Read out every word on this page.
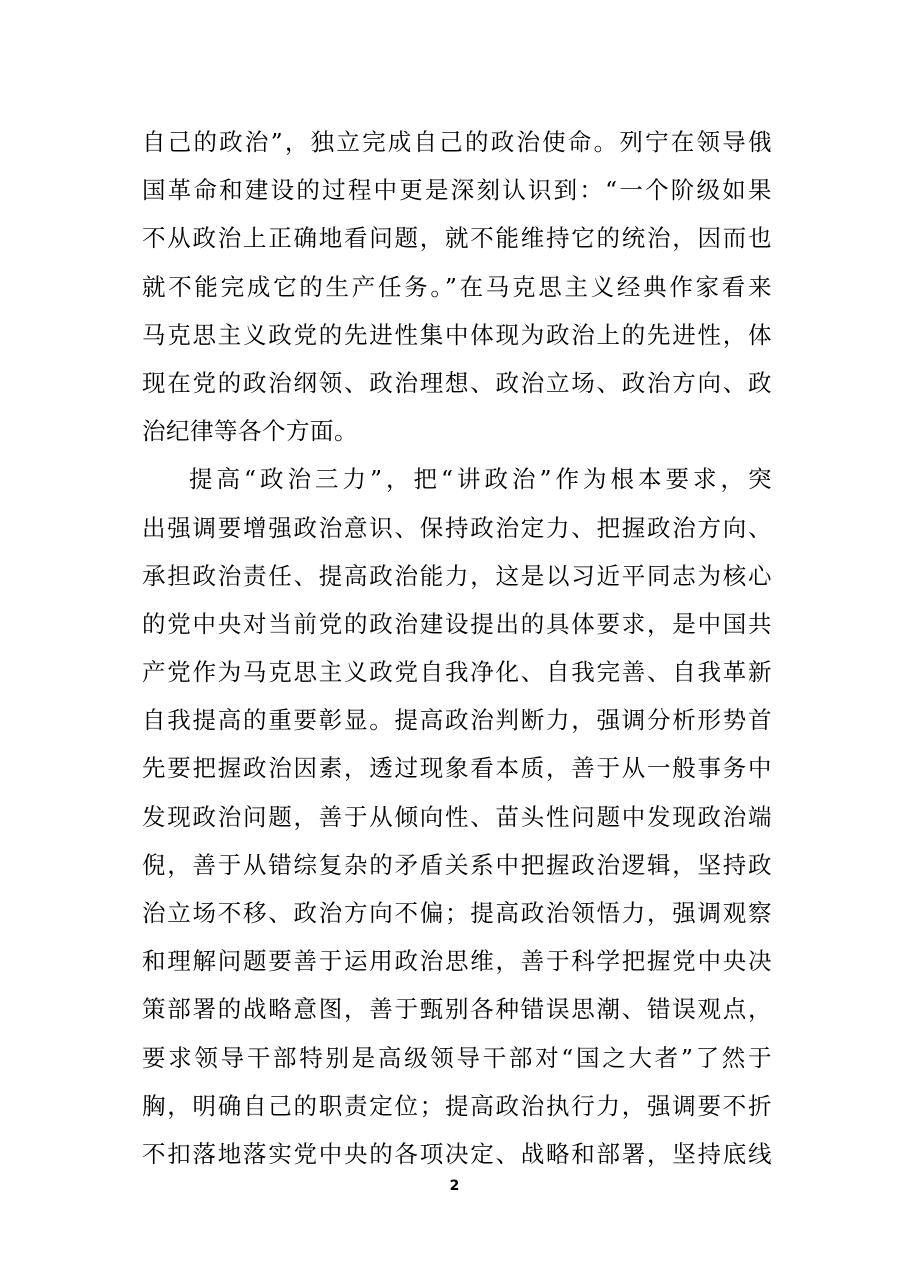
自己的政治”，独立完成自己的政治使命。列宁在领导俄
国革命和建设的过程中更是深刻认识到：“一个阶级如果
不从政治上正确地看问题，就不能维持它的统治，因而也
就不能完成它的生产任务。”在马克思主义经典作家看来
马克思主义政党的先进性集中体现为政治上的先进性，体
现在党的政治纲领、政治理想、政治立场、政治方向、政
治纪律等各个方面。
提高“政治三力”，把“讲政治”作为根本要求，突
出强调要增强政治意识、保持政治定力、把握政治方向、
承担政治责任、提高政治能力，这是以习近平同志为核心
的党中央对当前党的政治建设提出的具体要求，是中国共
产党作为马克思主义政党自我净化、自我完善、自我革新
自我提高的重要彰显。提高政治判断力，强调分析形势首
先要把握政治因素，透过现象看本质，善于从一般事务中
发现政治问题，善于从倾向性、苗头性问题中发现政治端
倪，善于从错综复杂的矛盾关系中把握政治逻辑，坚持政
治立场不移、政治方向不偏；提高政治领悟力，强调观察
和理解问题要善于运用政治思维，善于科学把握党中央决
策部署的战略意图，善于甄别各种错误思潮、错误观点，
要求领导干部特别是高级领导干部对“国之大者”了然于
胸，明确自己的职责定位；提高政治执行力，强调要不折
不扣落地落实党中央的各项决定、战略和部署，坚持底线
2
